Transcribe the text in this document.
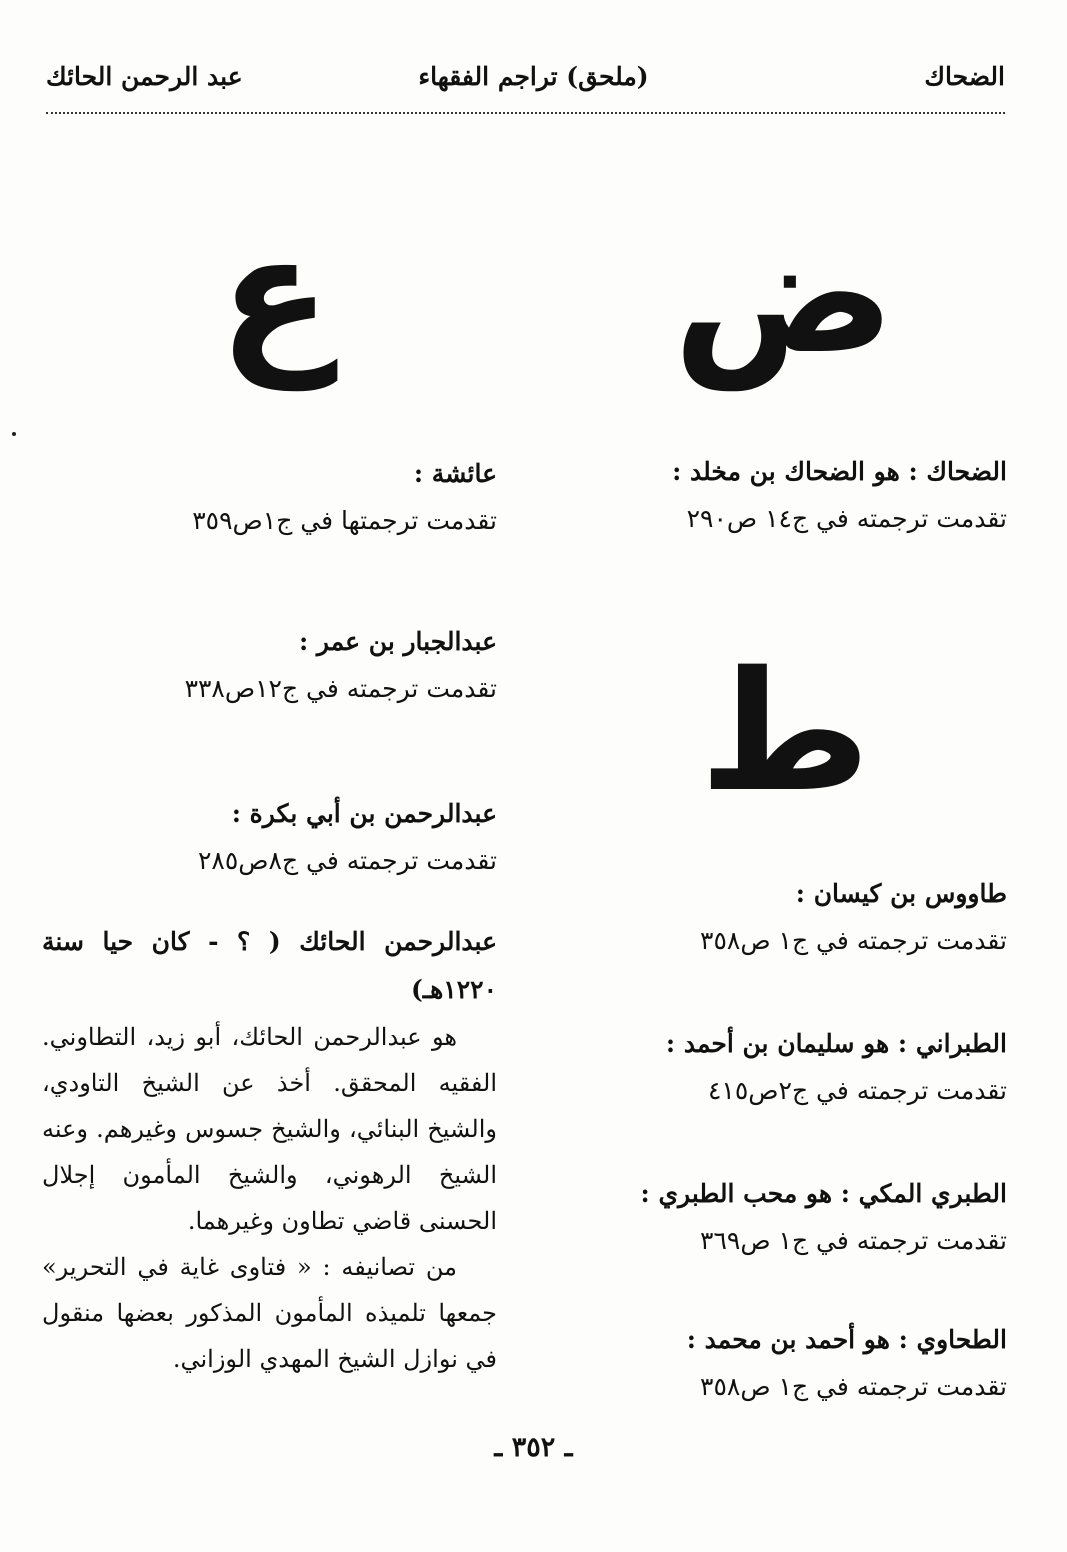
الضحاك
(ملحق) تراجم الفقهاء
عبد الرحمن الحائك
ض
ع
ط
الضحاك : هو الضحاك بن مخلد :
تقدمت ترجمته في ج١٤ ص٢٩٠
طاووس بن كيسان :
تقدمت ترجمته في ج١ ص٣٥٨
الطبراني : هو سليمان بن أحمد :
تقدمت ترجمته في ج٢ص٤١٥
الطبري المكي : هو محب الطبري :
تقدمت ترجمته في ج١ ص٣٦٩
الطحاوي : هو أحمد بن محمد :
تقدمت ترجمته في ج١ ص٣٥٨
عائشة :
تقدمت ترجمتها في ج١ص٣٥٩
عبدالجبار بن عمر :
تقدمت ترجمته في ج١٢ص٣٣٨
عبدالرحمن بن أبي بكرة :
تقدمت ترجمته في ج٨ص٢٨٥
عبدالرحمن الحائك ( ؟ - كان حيا سنة ١٢٢٠هـ)

هو عبدالرحمن الحائك، أبو زيد، التطاوني. الفقيه المحقق. أخذ عن الشيخ التاودي، والشيخ البنائي، والشيخ جسوس وغيرهم. وعنه الشيخ الرهوني، والشيخ المأمون إجلال الحسنى قاضي تطاون وغيرهما.

من تصانيفه : « فتاوى غاية في التحرير» جمعها تلميذه المأمون المذكور بعضها منقول في نوازل الشيخ المهدي الوزاني.

ـ ٣٥٢ ـ
